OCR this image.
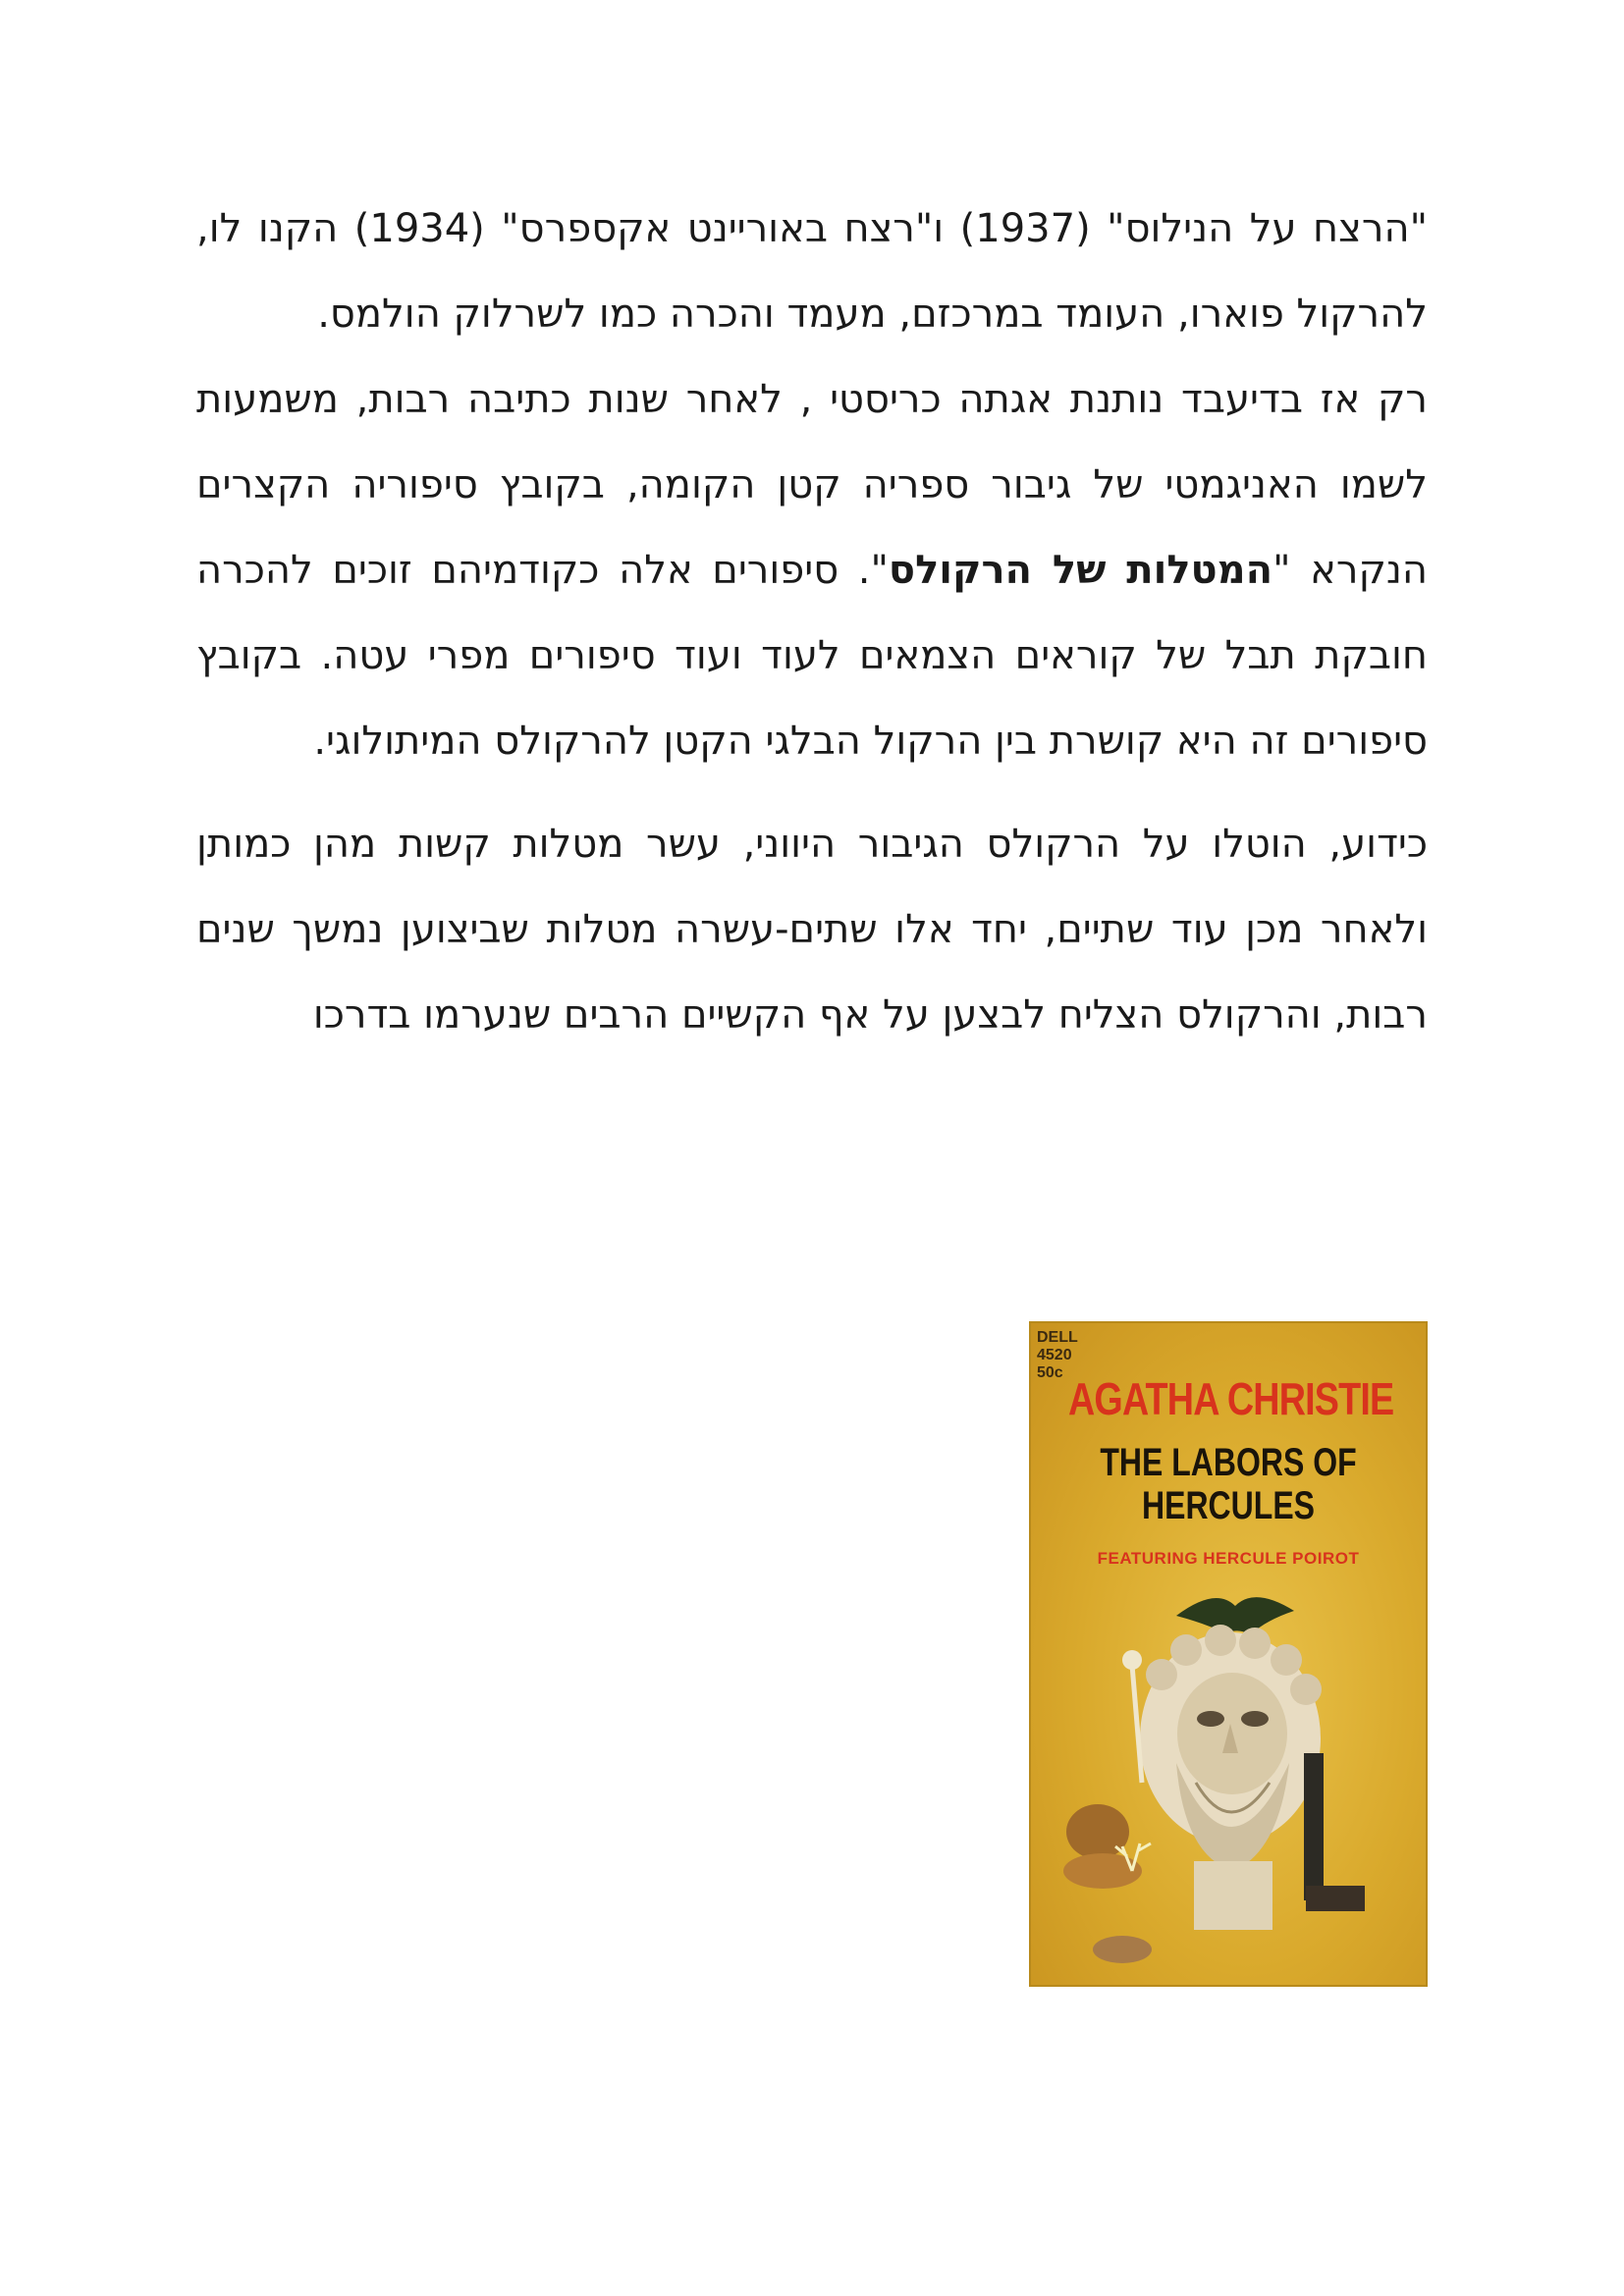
"הרצח על הנילוס" (1937) ו"רצח באוריינט אקספרס" (1934) הקנו לו, להרקול פוארו, העומד במרכזם, מעמד והכרה כמו לשרלוק הולמס.

רק אז בדיעבד נותנת אגתה כריסטי , לאחר שנות כתיבה רבות, משמעות לשמו האניגמטי של גיבור ספריה קטן הקומה, בקובץ סיפוריה הקצרים הנקרא "המטלות של הרקולס". סיפורים אלה כקודמיהם זוכים להכרה חובקת תבל של קוראים הצמאים לעוד ועוד סיפורים מפרי עטה. בקובץ סיפורים זה היא קושרת בין הרקול הבלגי הקטן להרקולס המיתולוגי.

כידוע, הוטלו על הרקולס הגיבור היווני, עשר מטלות קשות מהן כמותן ולאחר מכן עוד שתיים, יחד אלו שתים-עשרה מטלות שביצוען נמשך שנים רבות, והרקולס הצליח לבצען על אף הקשיים הרבים שנערמו בדרכו

DELL
4520
50c
AGATHA CHRISTIE
THE LABORS OF
HERCULES
FEATURING HERCULE POIROT
